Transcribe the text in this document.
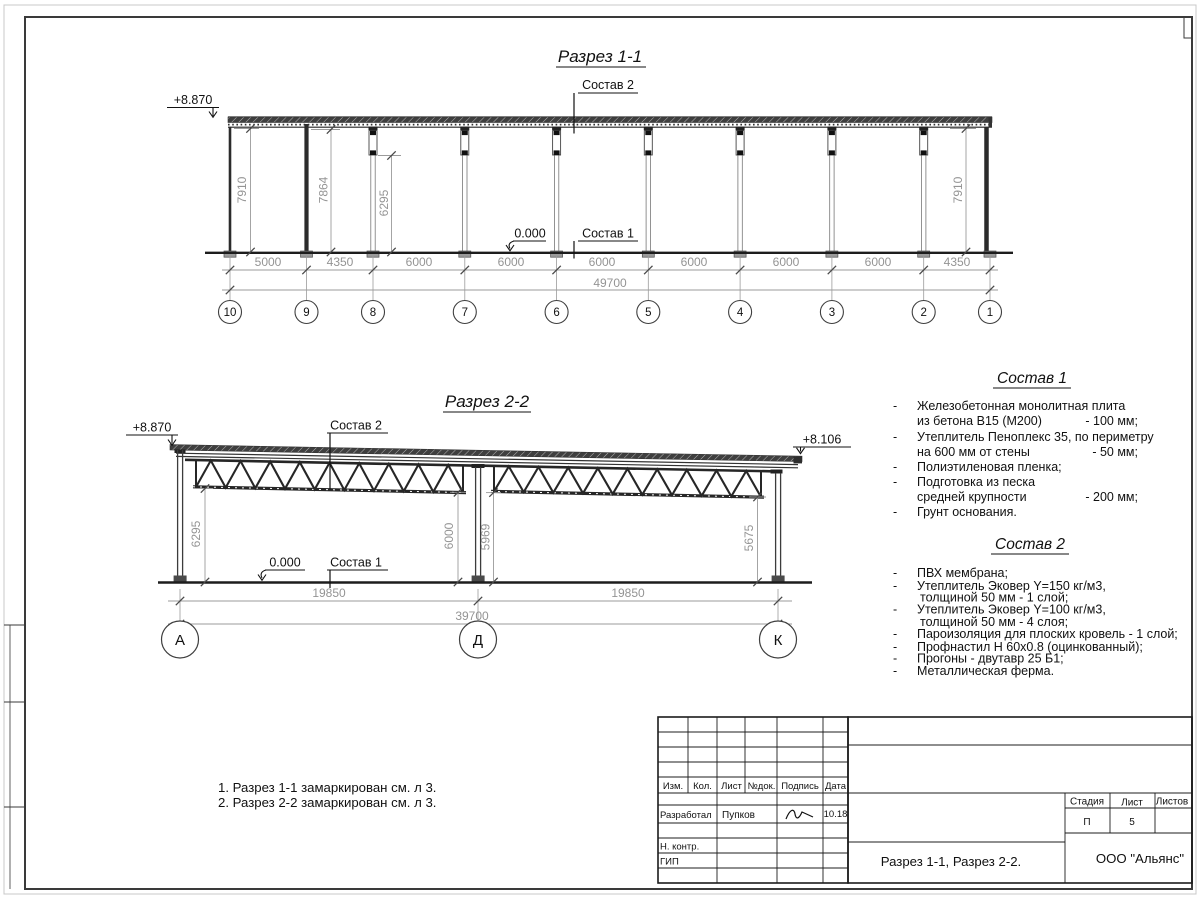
Разрез 1-1
+8.870
Состав 2
0.000	Состав 1
5000	4350	6000	6000	6000	6000	6000	6000	4350
49700
7910	7864	6295	7910
10	9	8	7	6	5	4	3	2	1
Разрез 2-2
+8.870
+8.106
Состав 2
0.000 Состав 1
19850	19850
39700
6295	6000 5969	5675
А	Д	К
Состав 1
- Железобетонная монолитная плита
из бетона В15 (М200)	- 100 мм;
- Утеплитель Пеноплекс 35, по периметру
на 600 мм от стены	- 50 мм;
- Полиэтиленовая пленка;
- Подготовка из песка
средней крупности	- 200 мм;
- Грунт основания.
Состав 2
- ПВХ мембрана;
- Утеплитель Эковер Y=150 кг/м3,
толщиной 50 мм - 1 слой;
- Утеплитель Эковер Y=100 кг/м3,
толщиной 50 мм - 4 слоя;
- Пароизоляция для плоских кровель - 1 слой;
- Профнастил Н 60х0.8 (оцинкованный);
- Прогоны - двутавр 25 Б1;
- Металлическая ферма.
1. Разрез 1-1 замаркирован см. л 3.
2. Разрез 2-2 замаркирован см. л 3.
Изм. Кол. Лист №док. Подпись Дата
Разработал Пупков	10.18
Н. контр.
ГИП
Стадия Лист Листов
П	5
Разрез 1-1, Разрез 2-2.	ООО "Альянс"
